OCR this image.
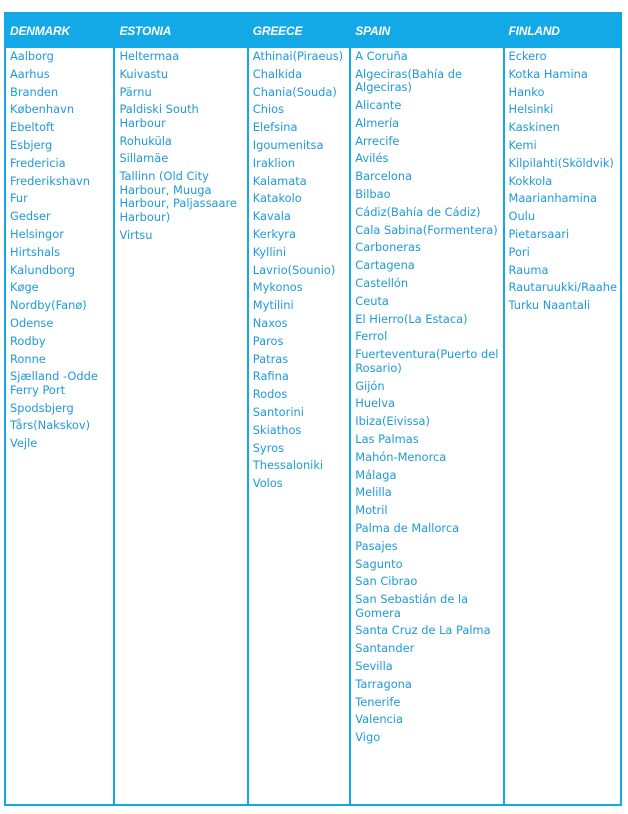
DENMARK
Aalborg
Aarhus
Branden
København
Ebeltoft
Esbjerg
Fredericia
Frederikshavn
Fur
Gedser
Helsingor
Hirtshals
Kalundborg
Køge
Nordby(Fanø)
Odense
Rodby
Ronne
Sjælland -Odde Ferry Port
Spodsbjerg
Tårs(Nakskov)
Vejle
ESTONIA
Heltermaa
Kuivastu
Pärnu
Paldiski South Harbour
Rohuküla
Sillamäe
Tallinn (Old City Harbour, Muuga Harbour, Paljassaare Harbour)
Virtsu
GREECE
Athinai(Piraeus)
Chalkida
Chania(Souda)
Chios
Elefsina
Igoumenitsa
Iraklion
Kalamata
Katakolo
Kavala
Kerkyra
Kyllini
Lavrio(Sounio)
Mykonos
Mytilini
Naxos
Paros
Patras
Rafina
Rodos
Santorini
Skiathos
Syros
Thessaloniki
Volos
SPAIN
A Coruña
Algeciras(Bahía de Algeciras)
Alicante
Almería
Arrecife
Avilés
Barcelona
Bilbao
Cádiz(Bahía de Cádiz)
Cala Sabina(Formentera)
Carboneras
Cartagena
Castellón
Ceuta
El Hierro(La Estaca)
Ferrol
Fuerteventura(Puerto del Rosario)
Gijón
Huelva
Ibiza(Eivissa)
Las Palmas
Mahón-Menorca
Málaga
Melilla
Motril
Palma de Mallorca
Pasajes
Sagunto
San Cibrao
San Sebastián de la Gomera
Santa Cruz de La Palma
Santander
Sevilla
Tarragona
Tenerife
Valencia
Vigo
FINLAND
Eckero
Kotka Hamina
Hanko
Helsinki
Kaskinen
Kemi
Kilpilahti(Sköldvik)
Kokkola
Maarianhamina
Oulu
Pietarsaari
Pori
Rauma
Rautaruukki/Raahe
Turku Naantali
